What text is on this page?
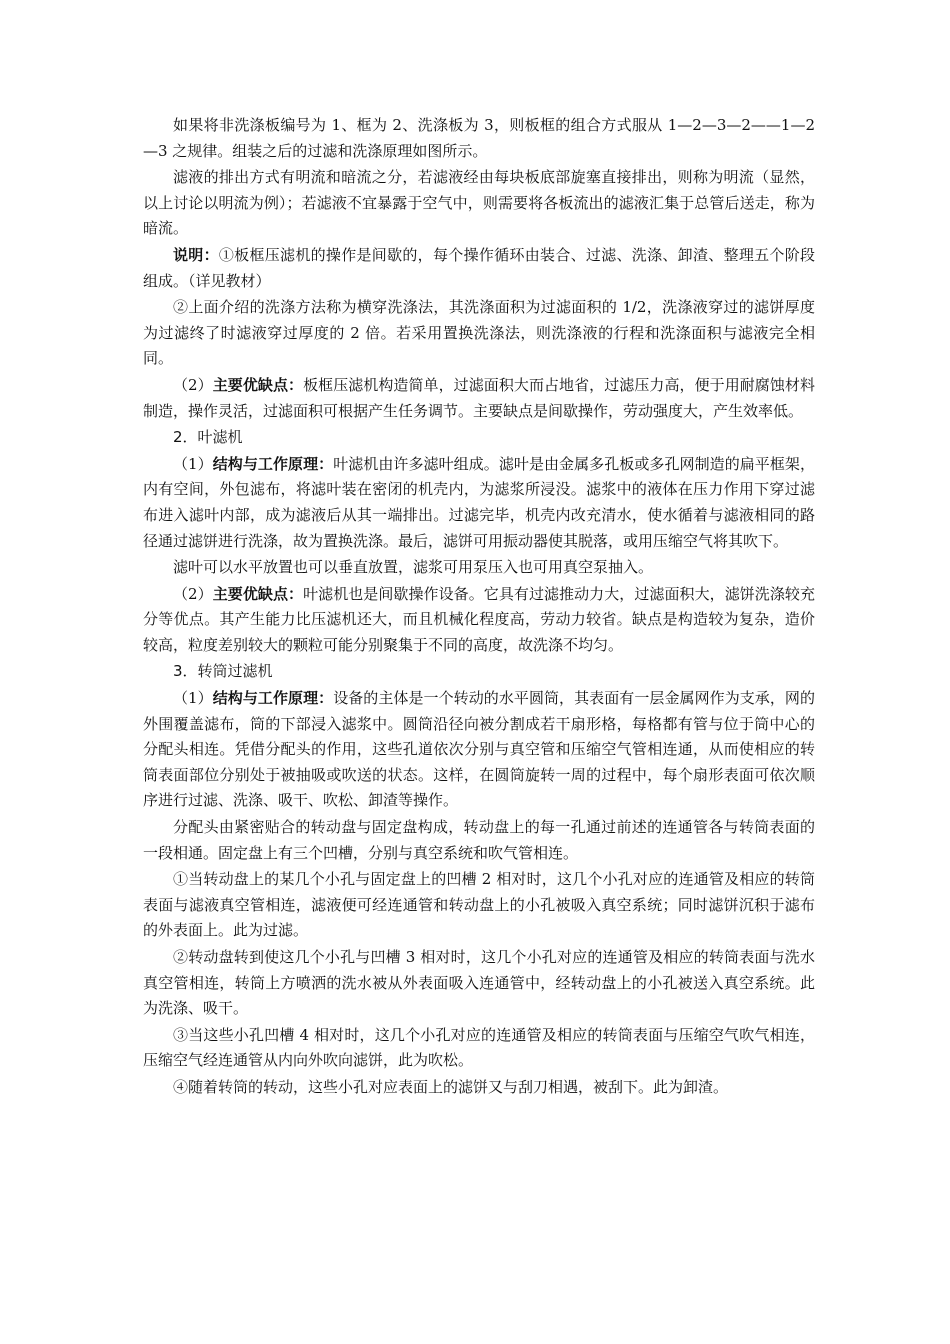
如果将非洗涤板编号为 1、框为 2、洗涤板为 3，则板框的组合方式服从 1—2—3—2——1—2—3 之规律。组装之后的过滤和洗涤原理如图所示。

滤液的排出方式有明流和暗流之分，若滤液经由每块板底部旋塞直接排出，则称为明流（显然，以上讨论以明流为例）；若滤液不宜暴露于空气中，则需要将各板流出的滤液汇集于总管后送走，称为暗流。

说明：①板框压滤机的操作是间歇的，每个操作循环由装合、过滤、洗涤、卸渣、整理五个阶段组成。（详见教材）

②上面介绍的洗涤方法称为横穿洗涤法，其洗涤面积为过滤面积的 1/2，洗涤液穿过的滤饼厚度为过滤终了时滤液穿过厚度的 2 倍。若采用置换洗涤法，则洗涤液的行程和洗涤面积与滤液完全相同。

（2）主要优缺点：板框压滤机构造简单，过滤面积大而占地省，过滤压力高，便于用耐腐蚀材料制造，操作灵活，过滤面积可根据产生任务调节。主要缺点是间歇操作，劳动强度大，产生效率低。

2．叶滤机

（1）结构与工作原理：叶滤机由许多滤叶组成。滤叶是由金属多孔板或多孔网制造的扁平框架，内有空间，外包滤布，将滤叶装在密闭的机壳内，为滤浆所浸没。滤浆中的液体在压力作用下穿过滤布进入滤叶内部，成为滤液后从其一端排出。过滤完毕，机壳内改充清水，使水循着与滤液相同的路径通过滤饼进行洗涤，故为置换洗涤。最后，滤饼可用振动器使其脱落，或用压缩空气将其吹下。

滤叶可以水平放置也可以垂直放置，滤浆可用泵压入也可用真空泵抽入。

（2）主要优缺点：叶滤机也是间歇操作设备。它具有过滤推动力大，过滤面积大，滤饼洗涤较充分等优点。其产生能力比压滤机还大，而且机械化程度高，劳动力较省。缺点是构造较为复杂，造价较高，粒度差别较大的颗粒可能分别聚集于不同的高度，故洗涤不均匀。

3．转筒过滤机

（1）结构与工作原理：设备的主体是一个转动的水平圆筒，其表面有一层金属网作为支承，网的外围覆盖滤布，筒的下部浸入滤浆中。圆筒沿径向被分割成若干扇形格，每格都有管与位于筒中心的分配头相连。凭借分配头的作用，这些孔道依次分别与真空管和压缩空气管相连通，从而使相应的转筒表面部位分别处于被抽吸或吹送的状态。这样，在圆筒旋转一周的过程中，每个扇形表面可依次顺序进行过滤、洗涤、吸干、吹松、卸渣等操作。

分配头由紧密贴合的转动盘与固定盘构成，转动盘上的每一孔通过前述的连通管各与转筒表面的一段相通。固定盘上有三个凹槽，分别与真空系统和吹气管相连。

①当转动盘上的某几个小孔与固定盘上的凹槽 2 相对时，这几个小孔对应的连通管及相应的转筒表面与滤液真空管相连，滤液便可经连通管和转动盘上的小孔被吸入真空系统；同时滤饼沉积于滤布的外表面上。此为过滤。

②转动盘转到使这几个小孔与凹槽 3 相对时，这几个小孔对应的连通管及相应的转筒表面与洗水真空管相连，转筒上方喷洒的洗水被从外表面吸入连通管中，经转动盘上的小孔被送入真空系统。此为洗涤、吸干。

③当这些小孔凹槽 4 相对时，这几个小孔对应的连通管及相应的转筒表面与压缩空气吹气相连，压缩空气经连通管从内向外吹向滤饼，此为吹松。

④随着转筒的转动，这些小孔对应表面上的滤饼又与刮刀相遇，被刮下。此为卸渣。
